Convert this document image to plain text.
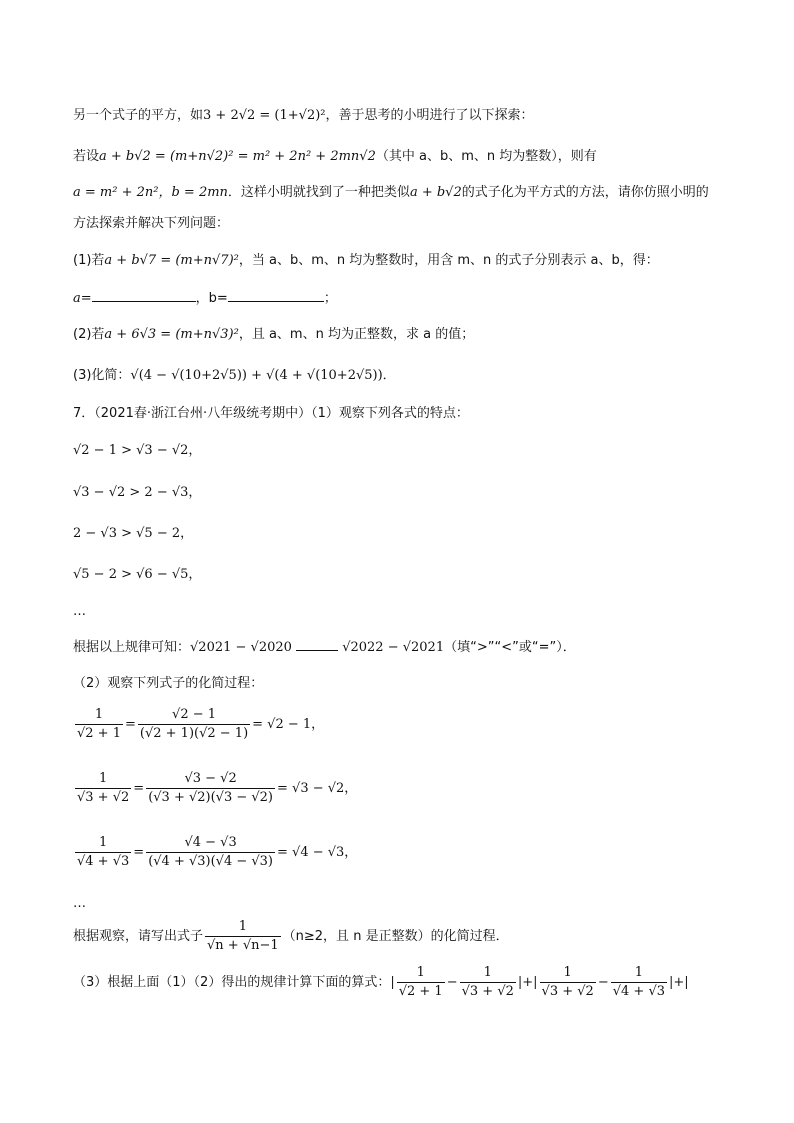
另一个式子的平方，如3 + 2√2 = (1+√2)²，善于思考的小明进行了以下探索：
若设a + b√2 = (m+n√2)² = m² + 2n² + 2mn√2（其中 a、b、m、n 均为整数），则有
a = m² + 2n²，b = 2mn．这样小明就找到了一种把类似a + b√2的式子化为平方式的方法，请你仿照小明的
方法探索并解决下列问题：
(1)若a + b√7 = (m+n√7)²，当 a、b、m、n 均为整数时，用含 m、n 的式子分别表示 a、b，得：
a=	，b=	；
(2)若a + 6√3 = (m+n√3)²，且 a、m、n 均为正整数，求 a 的值；
(3)化简：√(4 − √(10+2√5)) + √(4 + √(10+2√5))．
7．（2021春·浙江台州·八年级统考期中）（1）观察下列各式的特点：
√2 − 1 > √3 − √2，
√3 − √2 > 2 − √3，
2 − √3 > √5 − 2，
√5 − 2 > √6 − √5，
…
根据以上规律可知：√2021 − √2020	√2022 − √2021（填“>”“<”或“=”）．
（2）观察下列式子的化简过程：
$\frac{1}{√2 + 1} = \frac{√2 - 1}{(√2 + 1)(√2 - 1)} = √2 - 1$，
$\frac{1}{√3 + √2} = \frac{√3 - √2}{(√3 + √2)(√3 - √2)} = √3 - √2$，
$\frac{1}{√4 + √3} = \frac{√4 - √3}{(√4 + √3)(√4 - √3)} = √4 - √3$，
…
根据观察，请写出式子 $\frac{1}{√n + √n-1} (n\ge 2$，且 n 是正整数）的化简过程．
（3）根据上面（1）（2）得出的规律计算下面的算式：| $\frac{1}{√2 + 1} - \frac{1}{√3 + √2}$ |+| $\frac{1}{√3 + √2} - \frac{1}{√4 + √3}$ |+|
